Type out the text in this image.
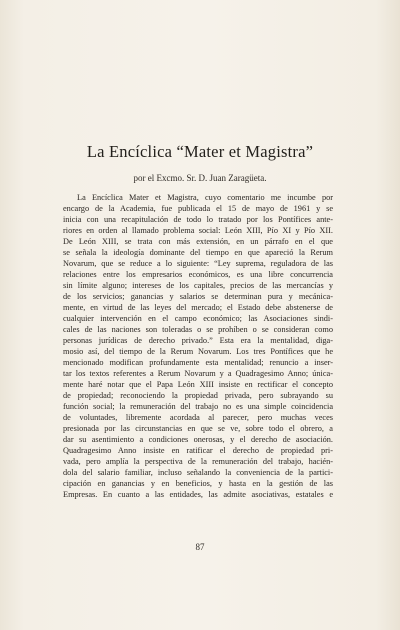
La Encíclica “Mater et Magistra”
por el Excmo. Sr. D. Juan Zaragüeta.
La Encíclica Mater et Magistra, cuyo comentario me incumbe por
encargo de la Academia, fue publicada el 15 de mayo de 1961 y se
inicia con una recapitulación de todo lo tratado por los Pontífices ante-
riores en orden al llamado problema social: León XIII, Pío XI y Pío XII.
De León XIII, se trata con más extensión, en un párrafo en el que
se señala la ideología dominante del tiempo en que apareció la Rerum
Novarum, que se reduce a lo siguiente: “Ley suprema, reguladora de las
relaciones entre los empresarios económicos, es una libre concurrencia
sin límite alguno; intereses de los capitales, precios de las mercancías y
de los servicios; ganancias y salarios se determinan pura y mecánica-
mente, en virtud de las leyes del mercado; el Estado debe abstenerse de
cualquier intervención en el campo económico; las Asociaciones sindi-
cales de las naciones son toleradas o se prohíben o se consideran como
personas jurídicas de derecho privado.” Esta era la mentalidad, diga-
mosio así, del tiempo de la Rerum Novarum. Los tres Pontífices que he
mencionado modifican profundamente esta mentalidad; renuncio a inser-
tar los textos referentes a Rerum Novarum y a Quadragesimo Anno; única-
mente haré notar que el Papa León XIII insiste en rectificar el concepto
de propiedad; reconociendo la propiedad privada, pero subrayando su
función social; la remuneración del trabajo no es una simple coincidencia
de voluntades, libremente acordada al parecer, pero muchas veces
presionada por las circunstancias en que se ve, sobre todo el obrero, a
dar su asentimiento a condiciones onerosas, y el derecho de asociación.
Quadragesimo Anno insiste en ratificar el derecho de propiedad pri-
vada, pero amplía la perspectiva de la remuneración del trabajo, hacién-
dola del salario familiar, incluso señalando la conveniencia de la partici-
cipación en ganancias y en beneficios, y hasta en la gestión de las
Empresas. En cuanto a las entidades, las admite asociativas, estatales e
87
